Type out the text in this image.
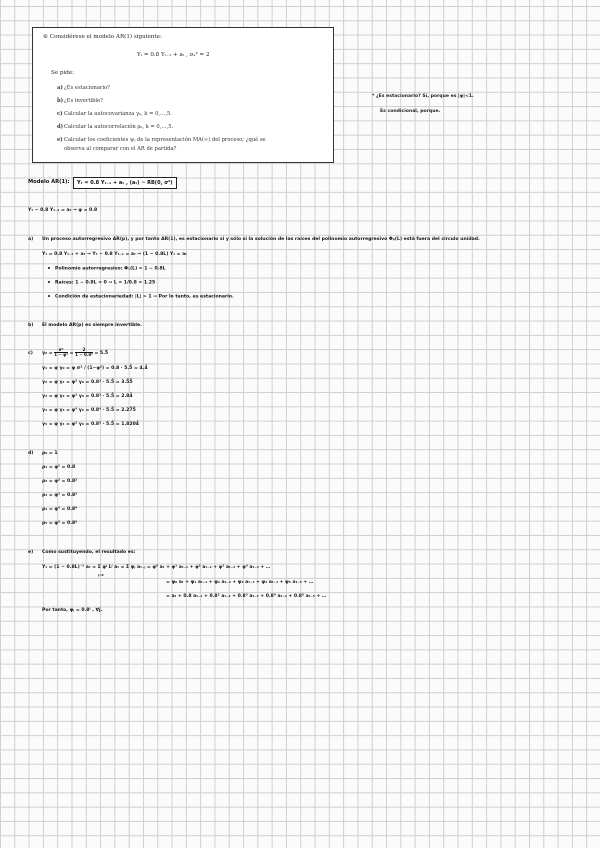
⑥ Considérese el modelo AR(1) siguiente:
Yₜ = 0.8 Yₜ₋₁ + aₜ , σₐ² = 2
Se pide:
a)¿Es estacionario?
b)¿Es invertible?
c)Calcular la autocovarianza γₖ, k = 0,…,5.
d)Calcular la autocorrelación ρₖ, k = 0,…,5.
e)Calcular los coeficientes ψⱼ de la representación MA(∞) del proceso; ¿qué se
observa al comparar con el AR de partida?
* ¿Es estacionario? Sí, porque es |φ|<1.
Es condicional, porque.
Modelo AR(1):	Yₜ = 0.8 Yₜ₋₁ + aₜ , (aₜ) ~ RB(0, σ²)
Yₜ − 0.8 Yₜ₋₁ = aₜ ⇒ φ = 0.8
a) Un proceso autorregresivo AR(p), y por tanto AR(1), es estacionario si y sólo si la solución de las raíces del polinomio autorregresivo Φₚ(L) está fuera del círculo unidad.
Yₜ = 0.8 Yₜ₋₁ + aₜ ⇒ Yₜ − 0.8 Yₜ₋₁ = aₜ ⇒ (1 − 0.8L) Yₜ = aₜ
Polinomio autorregresivo: Φ₁(L) = 1 − 0.8L
Raíces: 1 − 0.8L = 0 ⇒ L = 1/0.8 = 1.25
Condición de estacionariedad: |L| > 1 ⇒ Por lo tanto, es estacionario.
b) El modelo AR(p) es siempre invertible.
c) $\gamma_0 = \frac{\text{σ²}}{\text{1 − φ²}} = \frac{2}{\text{1 − 0.8²}}$ = 5.5̂
γ₁ = φ γ₀ = φ σ² / (1−φ²) = 0.8 · 5.5̂ = 4.4̂
γ₂ = φ γ₁ = φ² γ₀ = 0.8² · 5.5̂ = 3.5̂5̂
γ₃ = φ γ₂ = φ³ γ₀ = 0.8³ · 5.5̂ = 2.84̂
γ₄ = φ γ₃ = φ⁴ γ₀ = 0.8⁴ · 5.5̂ = 2.27̂5̂
γ₅ = φ γ₄ = φ⁵ γ₀ = 0.8⁵ · 5.5̂ = 1.8204̂
d) ρ₀ = 1
ρ₁ = φ¹ = 0.8
ρ₂ = φ² = 0.8²
ρ₃ = φ³ = 0.8³
ρ₄ = φ⁴ = 0.8⁴
ρ₅ = φ⁵ = 0.8⁵
e) Como sustituyendo, el resultado es:
Yₜ = (1 − 0.8L)⁻¹ aₜ = Σ φʲ Lʲ aₜ = Σ ψⱼ aₜ₋ⱼ = φ⁰ aₜ + φ¹ aₜ₋₁ + φ² aₜ₋₂ + φ³ aₜ₋₃ + φ⁴ aₜ₋₄ + …
j=0
= ψ₀ aₜ + ψ₁ aₜ₋₁ + ψ₂ aₜ₋₂ + ψ₃ aₜ₋₃ + ψ₄ aₜ₋₄ + ψ₅ aₜ₋₅ + …
= aₜ + 0.8 aₜ₋₁ + 0.8² aₜ₋₂ + 0.8³ aₜ₋₃ + 0.8⁴ aₜ₋₄ + 0.8⁵ aₜ₋₅ + …
Por tanto, ψⱼ = 0.8ʲ , ∀j.
